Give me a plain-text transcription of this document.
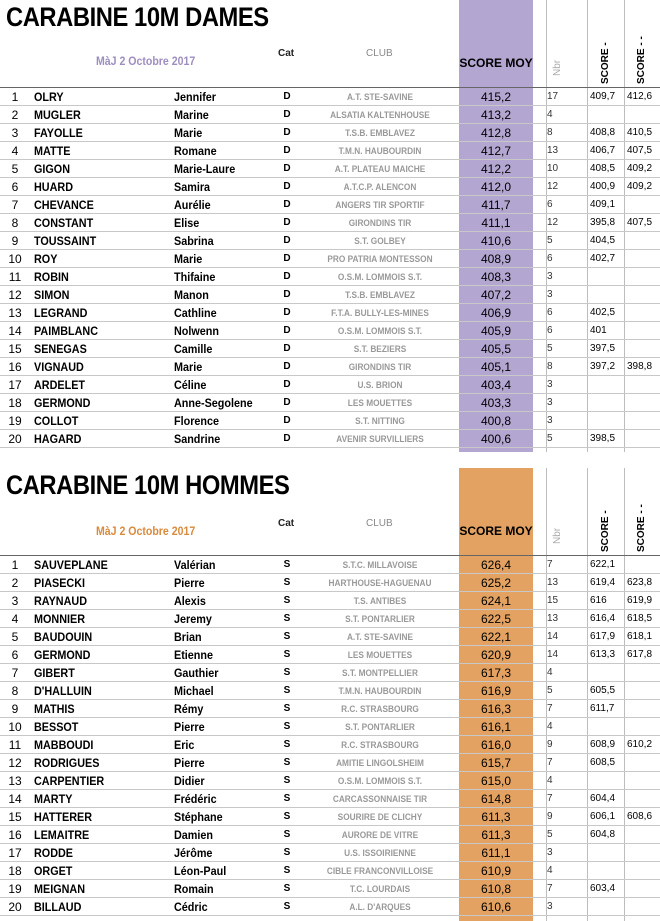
CARABINE 10M DAMES
MàJ 2 Octobre 2017
Cat	CLUB
SCORE MOY Nbr	SCORE -	SCORE - -
1	OLRY	Jennifer	D	A.T. STE-SAVINE	415,2	17	409,7	412,6
2	MUGLER	Marine	D	ALSATIA KALTENHOUSE	413,2	4
3	FAYOLLE	Marie	D	T.S.B. EMBLAVEZ	412,8	8	408,8	410,5
4	MATTE	Romane	D	T.M.N. HAUBOURDIN	412,7	13	406,7	407,5
5	GIGON	Marie-Laure	D	A.T. PLATEAU MAICHE	412,2	10	408,5	409,2
6	HUARD	Samira	D	A.T.C.P. ALENCON	412,0	12	400,9	409,2
7	CHEVANCE	Aurélie	D	ANGERS TIR SPORTIF	411,7	6	409,1
8	CONSTANT	Elise	D	GIRONDINS TIR	411,1	12	395,8	407,5
9	TOUSSAINT	Sabrina	D	S.T. GOLBEY	410,6	5	404,5
10 ROY	Marie	D	PRO PATRIA MONTESSON	408,9	6	402,7
11 ROBIN	Thifaine	D	O.S.M. LOMMOIS S.T.	408,3	3
12 SIMON	Manon	D	T.S.B. EMBLAVEZ	407,2	3
13 LEGRAND	Cathline	D	F.T.A. BULLY-LES-MINES	406,9	6	402,5
14 PAIMBLANC	Nolwenn	D	O.S.M. LOMMOIS S.T.	405,9	6	401
15 SENEGAS	Camille	D	S.T. BEZIERS	405,5	5	397,5
16 VIGNAUD	Marie	D	GIRONDINS TIR	405,1	8	397,2	398,8
17 ARDELET	Céline	D	U.S. BRION	403,4	3
18 GERMOND	Anne-Segolene	D	LES MOUETTES	403,3	3
19 COLLOT	Florence	D	S.T. NITTING	400,8	3
20 HAGARD	Sandrine	D	AVENIR SURVILLIERS	400,6	5	398,5
CARABINE 10M HOMMES
MàJ 2 Octobre 2017
Cat	CLUB
SCORE MOY Nbr	SCORE -	SCORE - -
1	SAUVEPLANE	Valérian	S	S.T.C. MILLAVOISE	626,4	7	622,1
2	PIASECKI	Pierre	S	HARTHOUSE-HAGUENAU	625,2	13	619,4	623,8
3	RAYNAUD	Alexis	S	T.S. ANTIBES	624,1	15	616	619,9
4	MONNIER	Jeremy	S	S.T. PONTARLIER	622,5	13	616,4	618,5
5	BAUDOUIN	Brian	S	A.T. STE-SAVINE	622,1	14	617,9	618,1
6	GERMOND	Etienne	S	LES MOUETTES	620,9	14	613,3	617,8
7	GIBERT	Gauthier	S	S.T. MONTPELLIER	617,3	4
8	D'HALLUIN	Michael	S	T.M.N. HAUBOURDIN	616,9	5	605,5
9	MATHIS	Rémy	S	R.C. STRASBOURG	616,3	7	611,7
10 BESSOT	Pierre	S	S.T. PONTARLIER	616,1	4
11 MABBOUDI	Eric	S	R.C. STRASBOURG	616,0	9	608,9	610,2
12 RODRIGUES	Pierre	S	AMITIE LINGOLSHEIM	615,7	7	608,5
13 CARPENTIER	Didier	S	O.S.M. LOMMOIS S.T.	615,0	4
14 MARTY	Frédéric	S	CARCASSONNAISE TIR	614,8	7	604,4
15 HATTERER	Stéphane	S	SOURIRE DE CLICHY	611,3	9	606,1	608,6
16 LEMAITRE	Damien	S	AURORE DE VITRE	611,3	5	604,8
17 RODDE	Jérôme	S	U.S. ISSOIRIENNE	611,1	3
18 ORGET	Léon-Paul	S	CIBLE FRANCONVILLOISE	610,9	4
19 MEIGNAN	Romain	S	T.C. LOURDAIS	610,8	7	603,4
20 BILLAUD	Cédric	S	A.L. D'ARQUES	610,6	3
